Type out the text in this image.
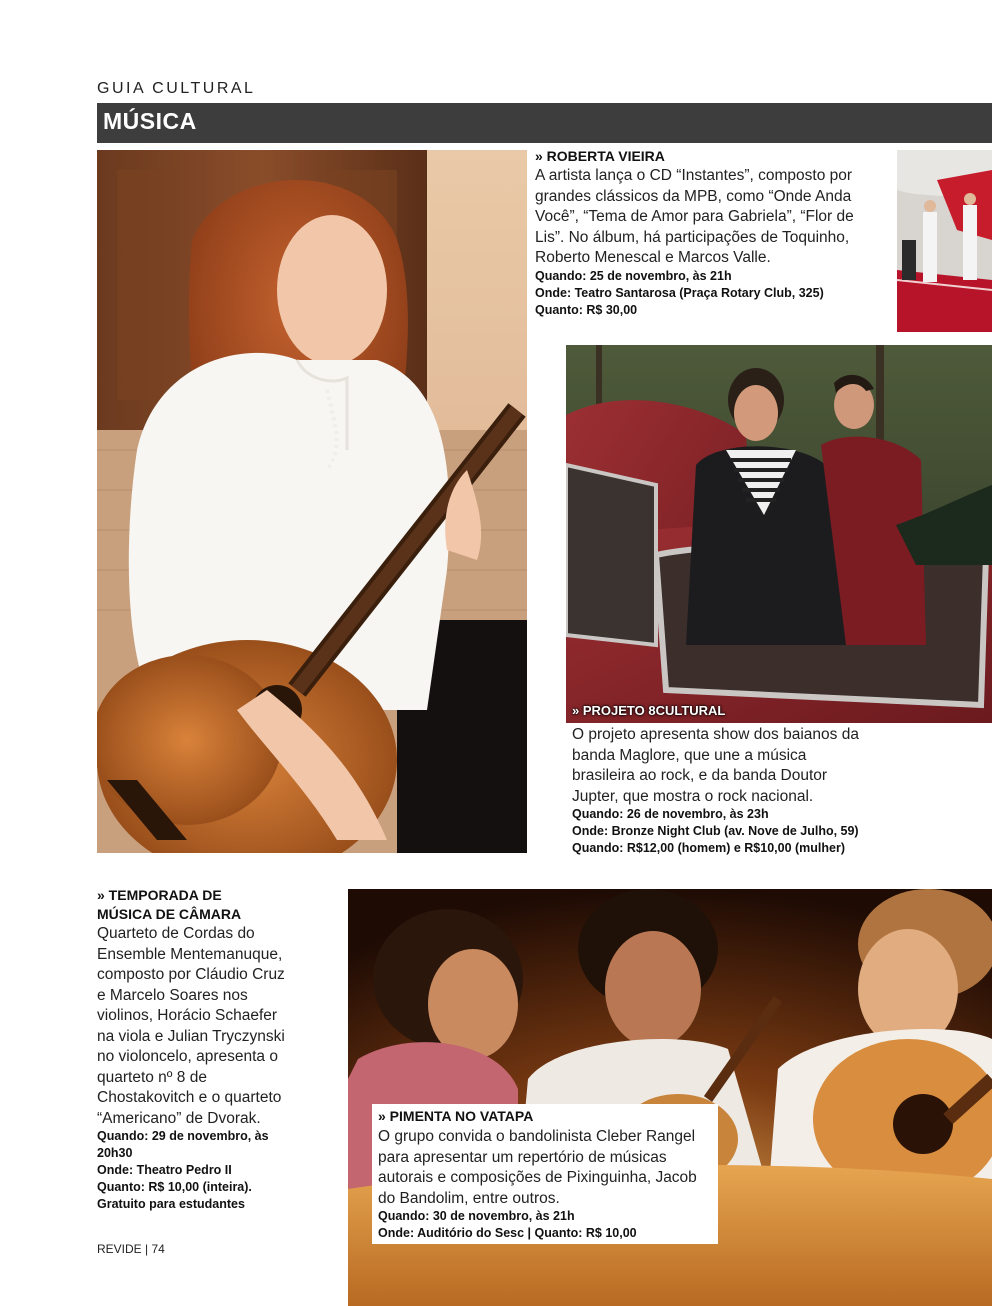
GUIA CULTURAL
MÚSICA
» ROBERTA VIEIRA
A artista lança o CD “Instantes”, composto por grandes clássicos da MPB, como “Onde Anda Você”, “Tema de Amor para Gabriela”, “Flor de Lis”. No álbum, há participações de Toquinho, Roberto Menescal e Marcos Valle.
Quando: 25 de novembro, às 21h
Onde: Teatro Santarosa (Praça Rotary Club, 325)
Quanto: R$ 30,00
» PROJETO 8CULTURAL
O projeto apresenta show dos baianos da banda Maglore, que une a música brasileira ao rock, e da banda Doutor Jupter, que mostra o rock nacional.
Quando: 26 de novembro, às 23h
Onde: Bronze Night Club (av. Nove de Julho, 59)
Quando: R$12,00 (homem) e R$10,00 (mulher)
» TEMPORADA DE
MÚSICA DE CÂMARA
Quarteto de Cordas do Ensemble Mentemanuque, composto por Cláudio Cruz e Marcelo Soares nos violinos, Horácio Schaefer na viola e Julian Tryczynski no violoncelo, apresenta o quarteto nº 8 de Chostakovitch e o quarteto “Americano” de Dvorak.
Quando: 29 de novembro, às 20h30
Onde: Theatro Pedro II
Quanto: R$ 10,00 (inteira). Gratuito para estudantes
» PIMENTA NO VATAPA
O grupo convida o bandolinista Cleber Rangel para apresentar um repertório de músicas autorais e composições de Pixinguinha, Jacob do Bandolim, entre outros.
Quando: 30 de novembro, às 21h
Onde: Auditório do Sesc | Quanto: R$ 10,00
REVIDE | 74
